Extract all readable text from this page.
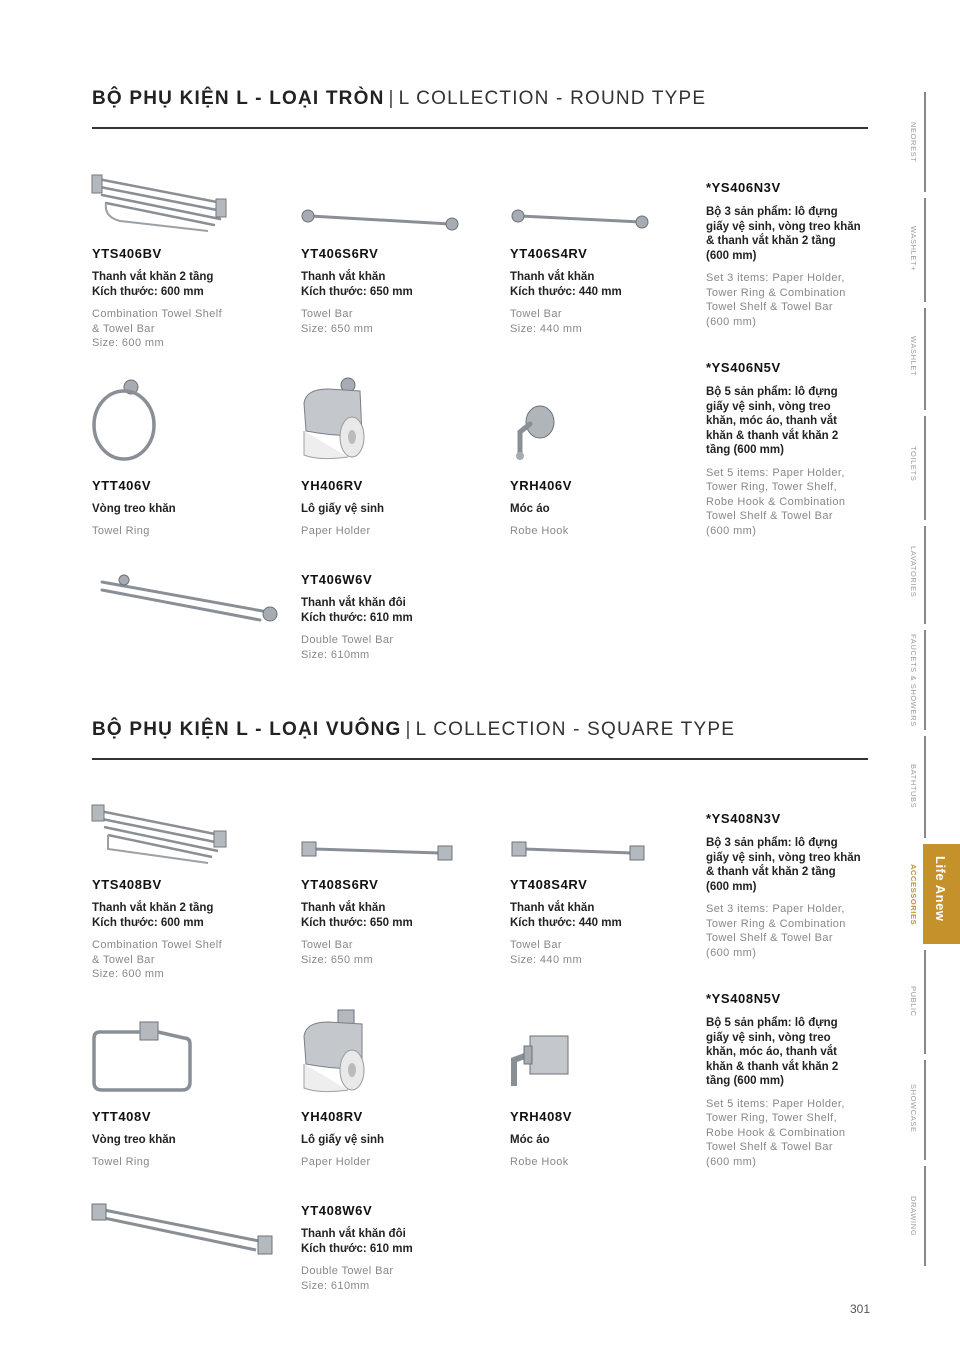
BỘ PHỤ KIỆN L - LOẠI TRÒN | L COLLECTION - ROUND TYPE
YTS406BV
Thanh vắt khăn 2 tầng
Kích thước: 600 mm
Combination Towel Shelf
& Towel Bar
Size: 600 mm
YT406S6RV
Thanh vắt khăn
Kích thước: 650 mm
Towel Bar
Size: 650 mm
YT406S4RV
Thanh vắt khăn
Kích thước: 440 mm
Towel Bar
Size: 440 mm
YTT406V
Vòng treo khăn
Towel Ring
YH406RV
Lô giấy vệ sinh
Paper Holder
YRH406V
Móc áo
Robe Hook
YT406W6V
Thanh vắt khăn đôi
Kích thước: 610 mm
Double Towel Bar
Size: 610mm
*YS406N3V
Bộ 3 sản phẩm: lô đựng
giấy vệ sinh, vòng treo khăn
& thanh vắt khăn 2 tầng
(600 mm)
Set 3 items: Paper Holder,
Tower Ring & Combination
Towel Shelf & Towel Bar
(600 mm)
*YS406N5V
Bộ 5 sản phẩm: lô đựng
giấy vệ sinh, vòng treo
khăn, móc áo, thanh vắt
khăn & thanh vắt khăn 2
tầng (600 mm)
Set 5 items: Paper Holder,
Tower Ring, Tower Shelf,
Robe Hook & Combination
Towel Shelf & Towel Bar
(600 mm)
BỘ PHỤ KIỆN L - LOẠI VUÔNG | L COLLECTION - SQUARE TYPE
YTS408BV
Thanh vắt khăn 2 tầng
Kích thước: 600 mm
Combination Towel Shelf
& Towel Bar
Size: 600 mm
YT408S6RV
Thanh vắt khăn
Kích thước: 650 mm
Towel Bar
Size: 650 mm
YT408S4RV
Thanh vắt khăn
Kích thước: 440 mm
Towel Bar
Size: 440 mm
YTT408V
Vòng treo khăn
Towel Ring
YH408RV
Lô giấy vệ sinh
Paper Holder
YRH408V
Móc áo
Robe Hook
YT408W6V
Thanh vắt khăn đôi
Kích thước: 610 mm
Double Towel Bar
Size: 610mm
*YS408N3V
Bộ 3 sản phẩm: lô đựng
giấy vệ sinh, vòng treo khăn
& thanh vắt khăn 2 tầng
(600 mm)
Set 3 items: Paper Holder,
Tower Ring & Combination
Towel Shelf & Towel Bar
(600 mm)
*YS408N5V
Bộ 5 sản phẩm: lô đựng
giấy vệ sinh, vòng treo
khăn, móc áo, thanh vắt
khăn & thanh vắt khăn 2
tầng (600 mm)
Set 5 items: Paper Holder,
Tower Ring, Tower Shelf,
Robe Hook & Combination
Towel Shelf & Towel Bar
(600 mm)
NEOREST
WASHLET+
WASHLET
TOILETS
LAVATORIES
FAUCETS & SHOWERS
BATHTUBS
ACCESSORIES
PUBLIC
SHOWCASE
DRAWING
Life Anew
301
